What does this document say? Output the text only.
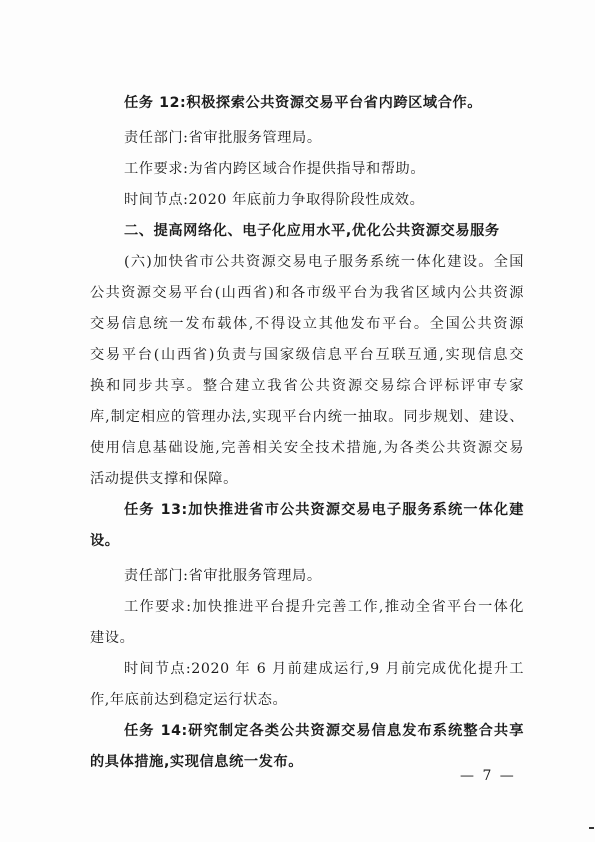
任务 12:积极探索公共资源交易平台省内跨区域合作。
责任部门:省审批服务管理局。
工作要求:为省内跨区域合作提供指导和帮助。
时间节点:2020 年底前力争取得阶段性成效。
二、提高网络化、电子化应用水平,优化公共资源交易服务
(六)加快省市公共资源交易电子服务系统一体化建设。全国
公共资源交易平台(山西省)和各市级平台为我省区域内公共资源
交易信息统一发布载体,不得设立其他发布平台。全国公共资源
交易平台(山西省)负责与国家级信息平台互联互通,实现信息交
换和同步共享。整合建立我省公共资源交易综合评标评审专家
库,制定相应的管理办法,实现平台内统一抽取。同步规划、建设、
使用信息基础设施,完善相关安全技术措施,为各类公共资源交易
活动提供支撑和保障。
任务 13:加快推进省市公共资源交易电子服务系统一体化建
设。
责任部门:省审批服务管理局。
工作要求:加快推进平台提升完善工作,推动全省平台一体化
建设。
时间节点:2020 年 6 月前建成运行,9 月前完成优化提升工
作,年底前达到稳定运行状态。
任务 14:研究制定各类公共资源交易信息发布系统整合共享
的具体措施,实现信息统一发布。
— 7 —
